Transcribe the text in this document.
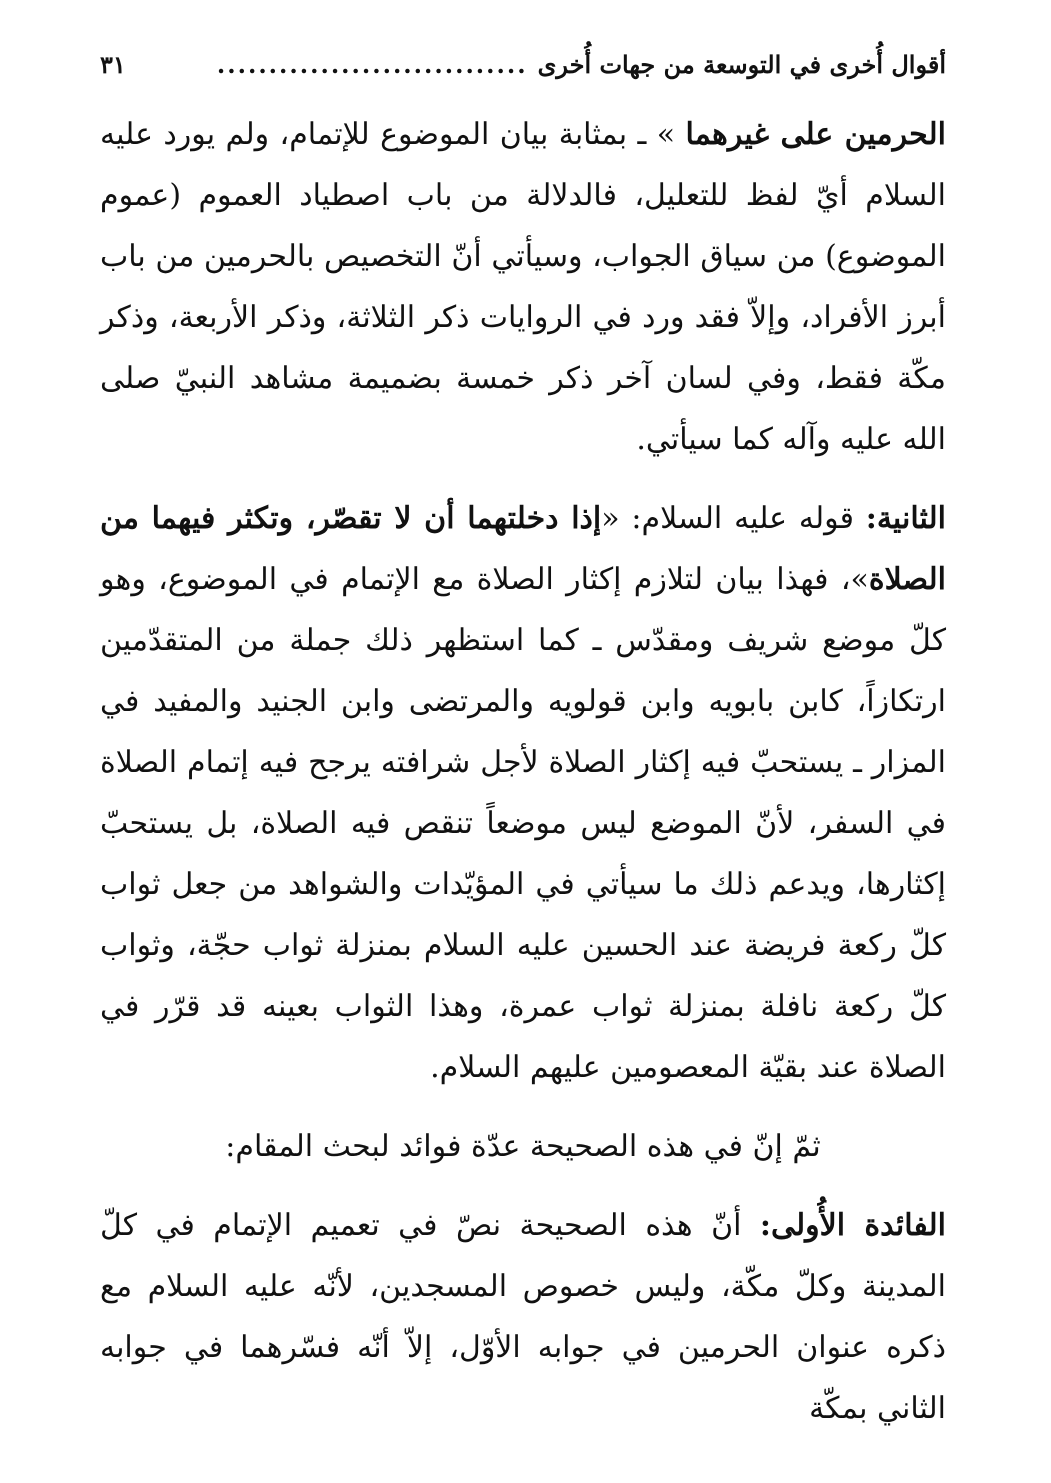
أقوال أُخرى في التوسعة من جهات أُخرى
..............................
٣١

الحرمين على غيرهما » ـ بمثابة بيان الموضوع للإتمام، ولم يورد عليه السلام أيّ لفظ للتعليل، فالدلالة من باب اصطياد العموم (عموم الموضوع) من سياق الجواب، وسيأتي أنّ التخصيص بالحرمين من باب أبرز الأفراد، وإلاّ فقد ورد في الروايات ذكر الثلاثة، وذكر الأربعة، وذكر مكّة فقط، وفي لسان آخر ذكر خمسة بضميمة مشاهد النبيّ صلى الله عليه وآله كما سيأتي.

الثانية: قوله عليه السلام: «إذا دخلتهما أن لا تقصّر، وتكثر فيهما من الصلاة»، فهذا بيان لتلازم إكثار الصلاة مع الإتمام في الموضوع، وهو كلّ موضع شريف ومقدّس ـ كما استظهر ذلك جملة من المتقدّمين ارتكازاً، كابن بابويه وابن قولويه والمرتضى وابن الجنيد والمفيد في المزار ـ يستحبّ فيه إكثار الصلاة لأجل شرافته يرجح فيه إتمام الصلاة في السفر، لأنّ الموضع ليس موضعاً تنقص فيه الصلاة، بل يستحبّ إكثارها، ويدعم ذلك ما سيأتي في المؤيّدات والشواهد من جعل ثواب كلّ ركعة فريضة عند الحسين عليه السلام بمنزلة ثواب حجّة، وثواب كلّ ركعة نافلة بمنزلة ثواب عمرة، وهذا الثواب بعينه قد قرّر في الصلاة عند بقيّة المعصومين عليهم السلام.

ثمّ إنّ في هذه الصحيحة عدّة فوائد لبحث المقام:

الفائدة الأُولى: أنّ هذه الصحيحة نصّ في تعميم الإتمام في كلّ المدينة وكلّ مكّة، وليس خصوص المسجدين، لأنّه عليه السلام مع ذكره عنوان الحرمين في جوابه الأوّل، إلاّ أنّه فسّرهما في جوابه الثاني بمكّة
